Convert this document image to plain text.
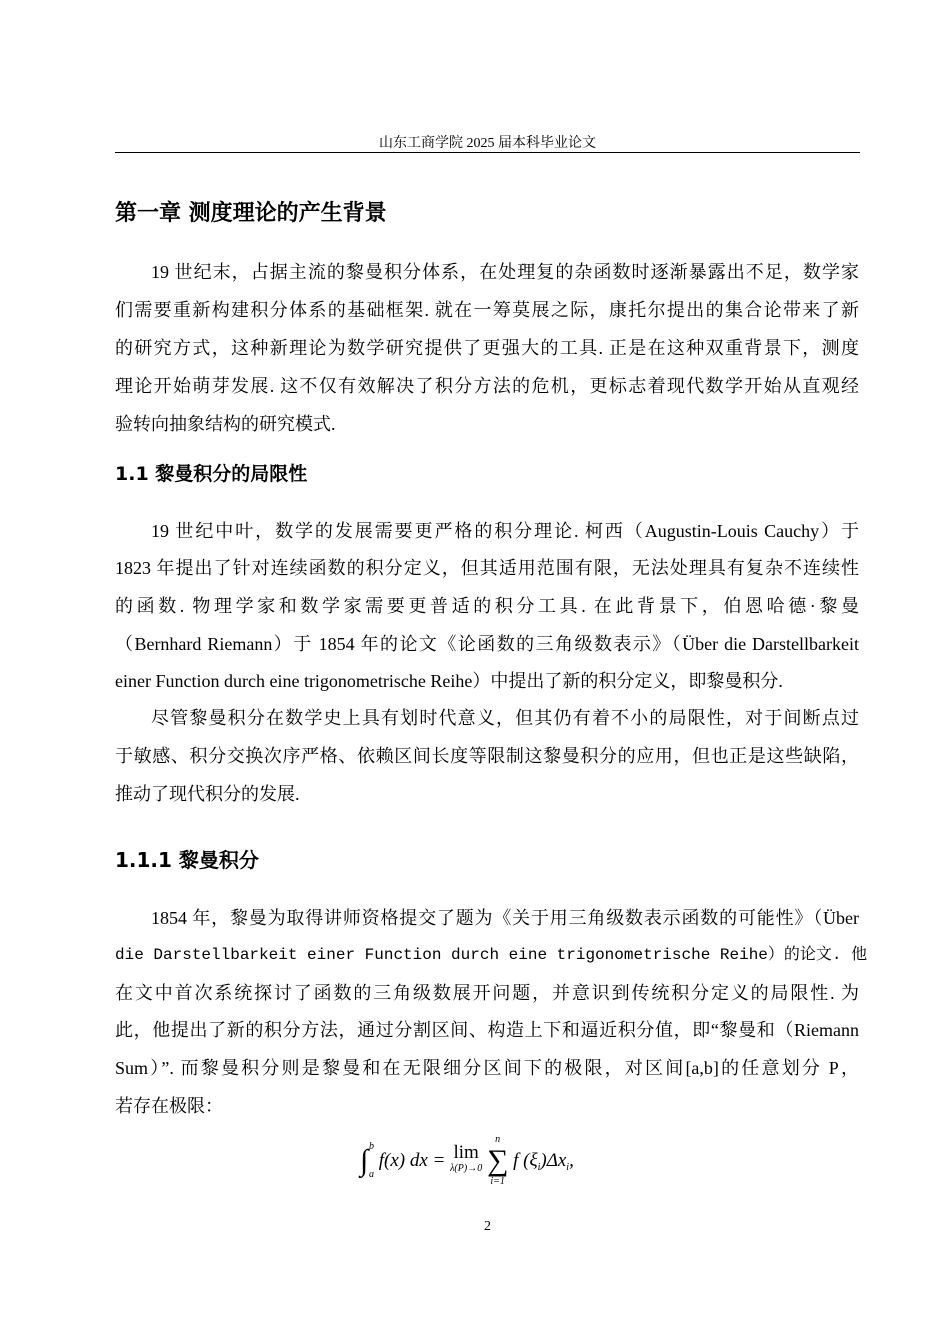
山东工商学院 2025 届本科毕业论文
第一章 测度理论的产生背景
19 世纪末，占据主流的黎曼积分体系，在处理复的杂函数时逐渐暴露出不足，数学家
们需要重新构建积分体系的基础框架. 就在一筹莫展之际，康托尔提出的集合论带来了新
的研究方式，这种新理论为数学研究提供了更强大的工具. 正是在这种双重背景下，测度
理论开始萌芽发展. 这不仅有效解决了积分方法的危机，更标志着现代数学开始从直观经
验转向抽象结构的研究模式.
1.1 黎曼积分的局限性
19 世纪中叶，数学的发展需要更严格的积分理论. 柯西（Augustin-Louis Cauchy）于
1823 年提出了针对连续函数的积分定义，但其适用范围有限，无法处理具有复杂不连续性
的函数. 物理学家和数学家需要更普适的积分工具. 在此背景下，伯恩哈德·黎曼
（Bernhard Riemann）于 1854 年的论文《论函数的三角级数表示》（Über die Darstellbarkeit
einer Function durch eine trigonometrische Reihe）中提出了新的积分定义，即黎曼积分.
尽管黎曼积分在数学史上具有划时代意义，但其仍有着不小的局限性，对于间断点过
于敏感、积分交换次序严格、依赖区间长度等限制这黎曼积分的应用，但也正是这些缺陷，
推动了现代积分的发展.
1.1.1 黎曼积分
1854 年，黎曼为取得讲师资格提交了题为《关于用三角级数表示函数的可能性》（Über
die Darstellbarkeit einer Function durch eine trigonometrische Reihe）的论文. 他
在文中首次系统探讨了函数的三角级数展开问题，并意识到传统积分定义的局限性. 为
此，他提出了新的积分方法，通过分割区间、构造上下和逼近积分值，即“黎曼和（Riemann
Sum）”. 而黎曼积分则是黎曼和在无限细分区间下的极限，对区间[a,b]的任意划分 P，
若存在极限：
∫ b
a
f(x) dx = lim
λ(P)→0

n
∑
i=1
f $(\xi_i)\Delta x_i$,
2
